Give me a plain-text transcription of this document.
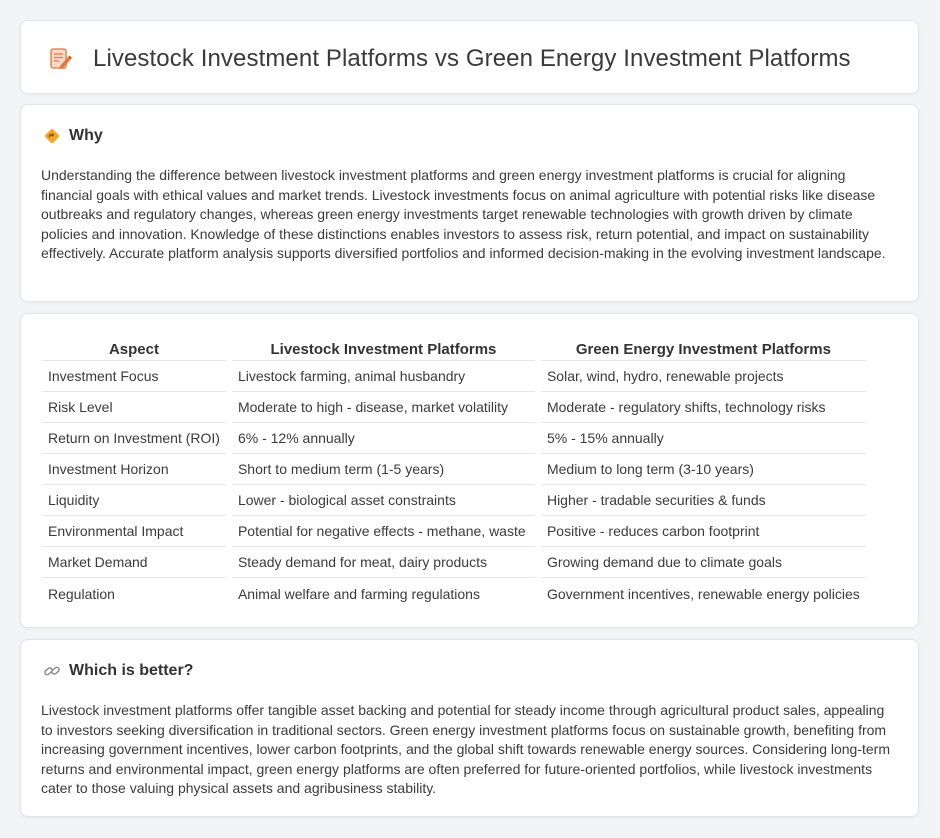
Livestock Investment Platforms vs Green Energy Investment Platforms
Why

Understanding the difference between livestock investment platforms and green energy investment platforms is crucial for aligning financial goals with ethical values and market trends. Livestock investments focus on animal agriculture with potential risks like disease outbreaks and regulatory changes, whereas green energy investments target renewable technologies with growth driven by climate policies and innovation. Knowledge of these distinctions enables investors to assess risk, return potential, and impact on sustainability effectively. Accurate platform analysis supports diversified portfolios and informed decision-making in the evolving investment landscape.

Aspect	Livestock Investment Platforms	Green Energy Investment Platforms
Investment Focus	Livestock farming, animal husbandry	Solar, wind, hydro, renewable projects
Risk Level	Moderate to high - disease, market volatility	Moderate - regulatory shifts, technology risks
Return on Investment (ROI)	6% - 12% annually	5% - 15% annually
Investment Horizon	Short to medium term (1-5 years)	Medium to long term (3-10 years)
Liquidity	Lower - biological asset constraints	Higher - tradable securities & funds
Environmental Impact	Potential for negative effects - methane, waste	Positive - reduces carbon footprint
Market Demand	Steady demand for meat, dairy products	Growing demand due to climate goals
Regulation	Animal welfare and farming regulations	Government incentives, renewable energy policies
Which is better?

Livestock investment platforms offer tangible asset backing and potential for steady income through agricultural product sales, appealing to investors seeking diversification in traditional sectors. Green energy investment platforms focus on sustainable growth, benefiting from increasing government incentives, lower carbon footprints, and the global shift towards renewable energy sources. Considering long-term returns and environmental impact, green energy platforms are often preferred for future-oriented portfolios, while livestock investments cater to those valuing physical assets and agribusiness stability.
